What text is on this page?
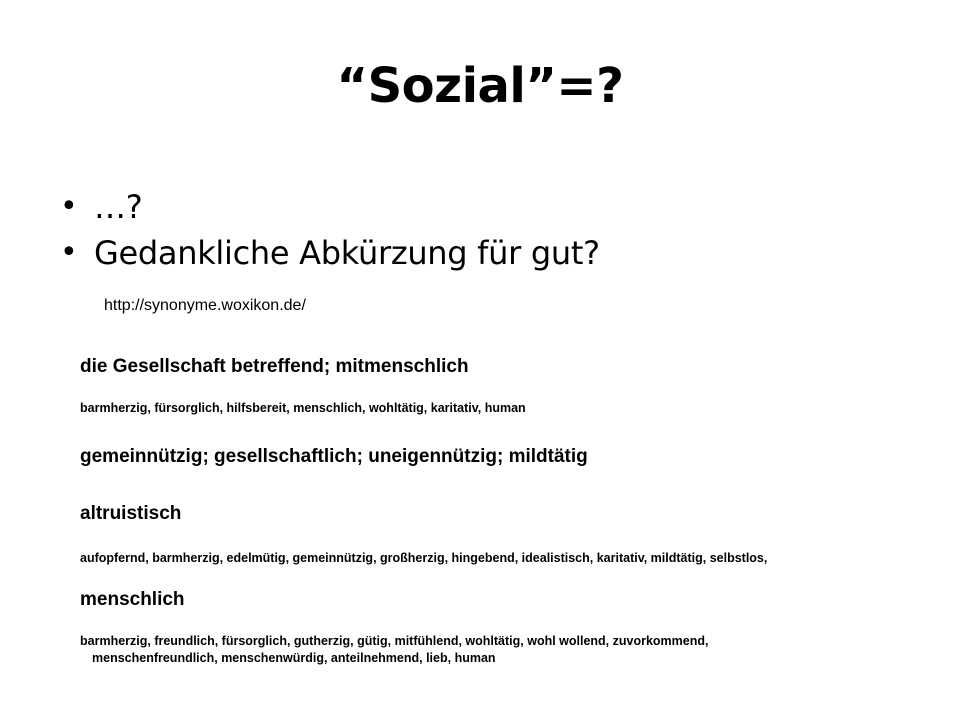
“Sozial”=?
• …?
• Gedankliche Abkürzung für gut?
http://synonyme.woxikon.de/
die Gesellschaft betreffend; mitmenschlich
barmherzig, fürsorglich, hilfsbereit, menschlich, wohltätig, karitativ, human
gemeinnützig; gesellschaftlich; uneigennützig; mildtätig
altruistisch
aufopfernd, barmherzig, edelmütig, gemeinnützig, großherzig, hingebend, idealistisch, karitativ, mildtätig, selbstlos,
menschlich
barmherzig, freundlich, fürsorglich, gutherzig, gütig, mitfühlend, wohltätig, wohl wollend, zuvorkommend,
menschenfreundlich, menschenwürdig, anteilnehmend, lieb, human
